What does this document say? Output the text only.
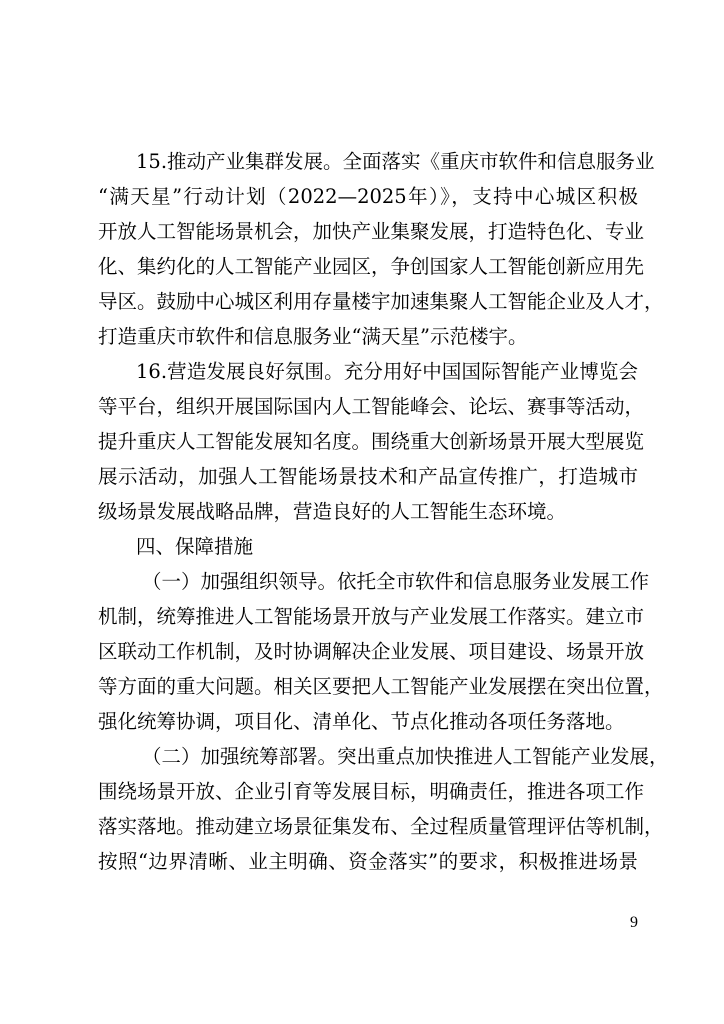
15.推动产业集群发展。全面落实《重庆市软件和信息服务业
“满天星”行动计划（2022—2025年）》，支持中心城区积极
开放人工智能场景机会，加快产业集聚发展，打造特色化、专业
化、集约化的人工智能产业园区，争创国家人工智能创新应用先
导区。鼓励中心城区利用存量楼宇加速集聚人工智能企业及人才，
打造重庆市软件和信息服务业“满天星”示范楼宇。
16.营造发展良好氛围。充分用好中国国际智能产业博览会
等平台，组织开展国际国内人工智能峰会、论坛、赛事等活动，
提升重庆人工智能发展知名度。围绕重大创新场景开展大型展览
展示活动，加强人工智能场景技术和产品宣传推广，打造城市
级场景发展战略品牌，营造良好的人工智能生态环境。
四、保障措施
（一）加强组织领导。依托全市软件和信息服务业发展工作
机制，统筹推进人工智能场景开放与产业发展工作落实。建立市
区联动工作机制，及时协调解决企业发展、项目建设、场景开放
等方面的重大问题。相关区要把人工智能产业发展摆在突出位置，
强化统筹协调，项目化、清单化、节点化推动各项任务落地。
（二）加强统筹部署。突出重点加快推进人工智能产业发展，
围绕场景开放、企业引育等发展目标，明确责任，推进各项工作
落实落地。推动建立场景征集发布、全过程质量管理评估等机制，
按照“边界清晰、业主明确、资金落实”的要求，积极推进场景
9
